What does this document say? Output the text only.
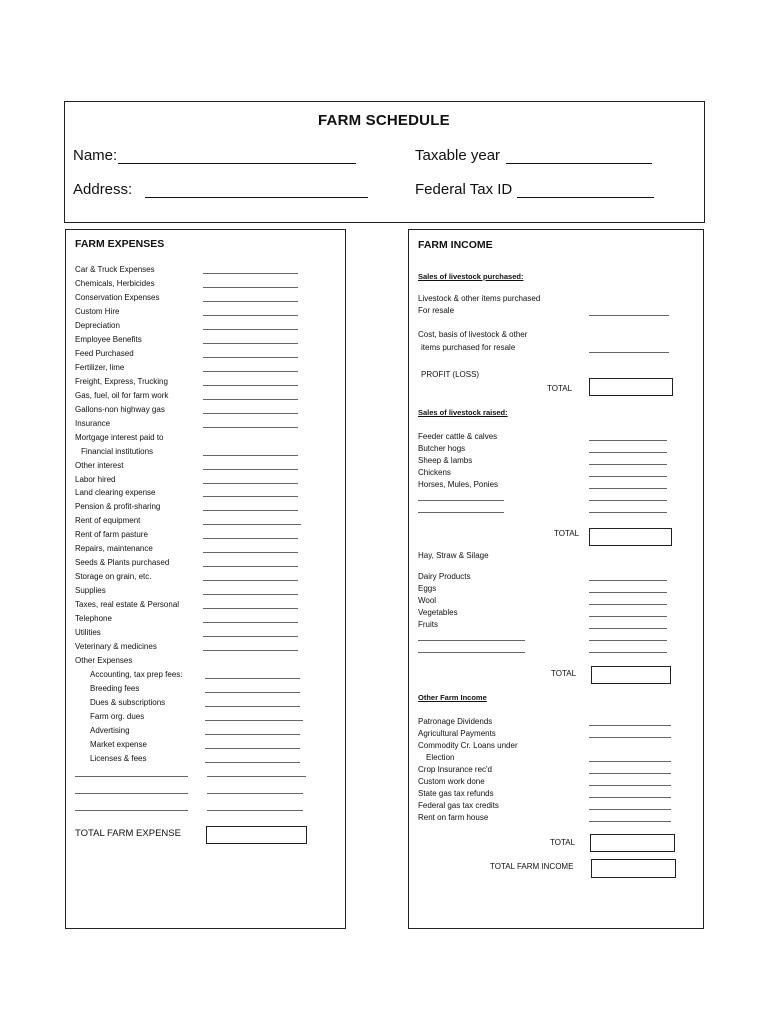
FARM SCHEDULE
Name:	Taxable year
Address:	Federal Tax ID
FARM EXPENSES
Car & Truck Expenses
Chemicals, Herbicides
Conservation Expenses
Custom Hire
Depreciation
Employee Benefits
Feed Purchased
Fertilizer, lime
Freight, Express, Trucking
Gas, fuel, oil for farm work
Gallons-non highway gas
Insurance
Mortgage interest paid to
Financial institutions
Other interest
Labor hired
Land clearing expense
Pension & profit-sharing
Rent of equipment
Rent of farm pasture
Repairs, maintenance
Seeds & Plants purchased
Storage on grain, etc.
Supplies
Taxes, real estate & Personal
Telephone
Utilities
Veterinary & medicines
Other Expenses
Accounting, tax prep fees:
Breeding fees
Dues & subscriptions
Farm org. dues
Advertising
Market expense
Licenses & fees
TOTAL FARM EXPENSE
FARM INCOME
Sales of livestock purchased:
Livestock & other items purchased
For resale
Cost, basis of livestock & other
items purchased for resale
PROFIT (LOSS)
TOTAL
Sales of livestock raised:
Feeder cattle & calves
Butcher hogs
Sheep & lambs
Chickens
Horses, Mules, Ponies
TOTAL
Hay, Straw & Silage
Dairy Products
Eggs
Wool
Vegetables
Fruits
TOTAL
Other Farm Income
Patronage Dividends
Agricultural Payments
Commodity Cr. Loans under
Election
Crop Insurance rec'd
Custom work done
State gas tax refunds
Federal gas tax credits
Rent on farm house
TOTAL
TOTAL FARM INCOME
